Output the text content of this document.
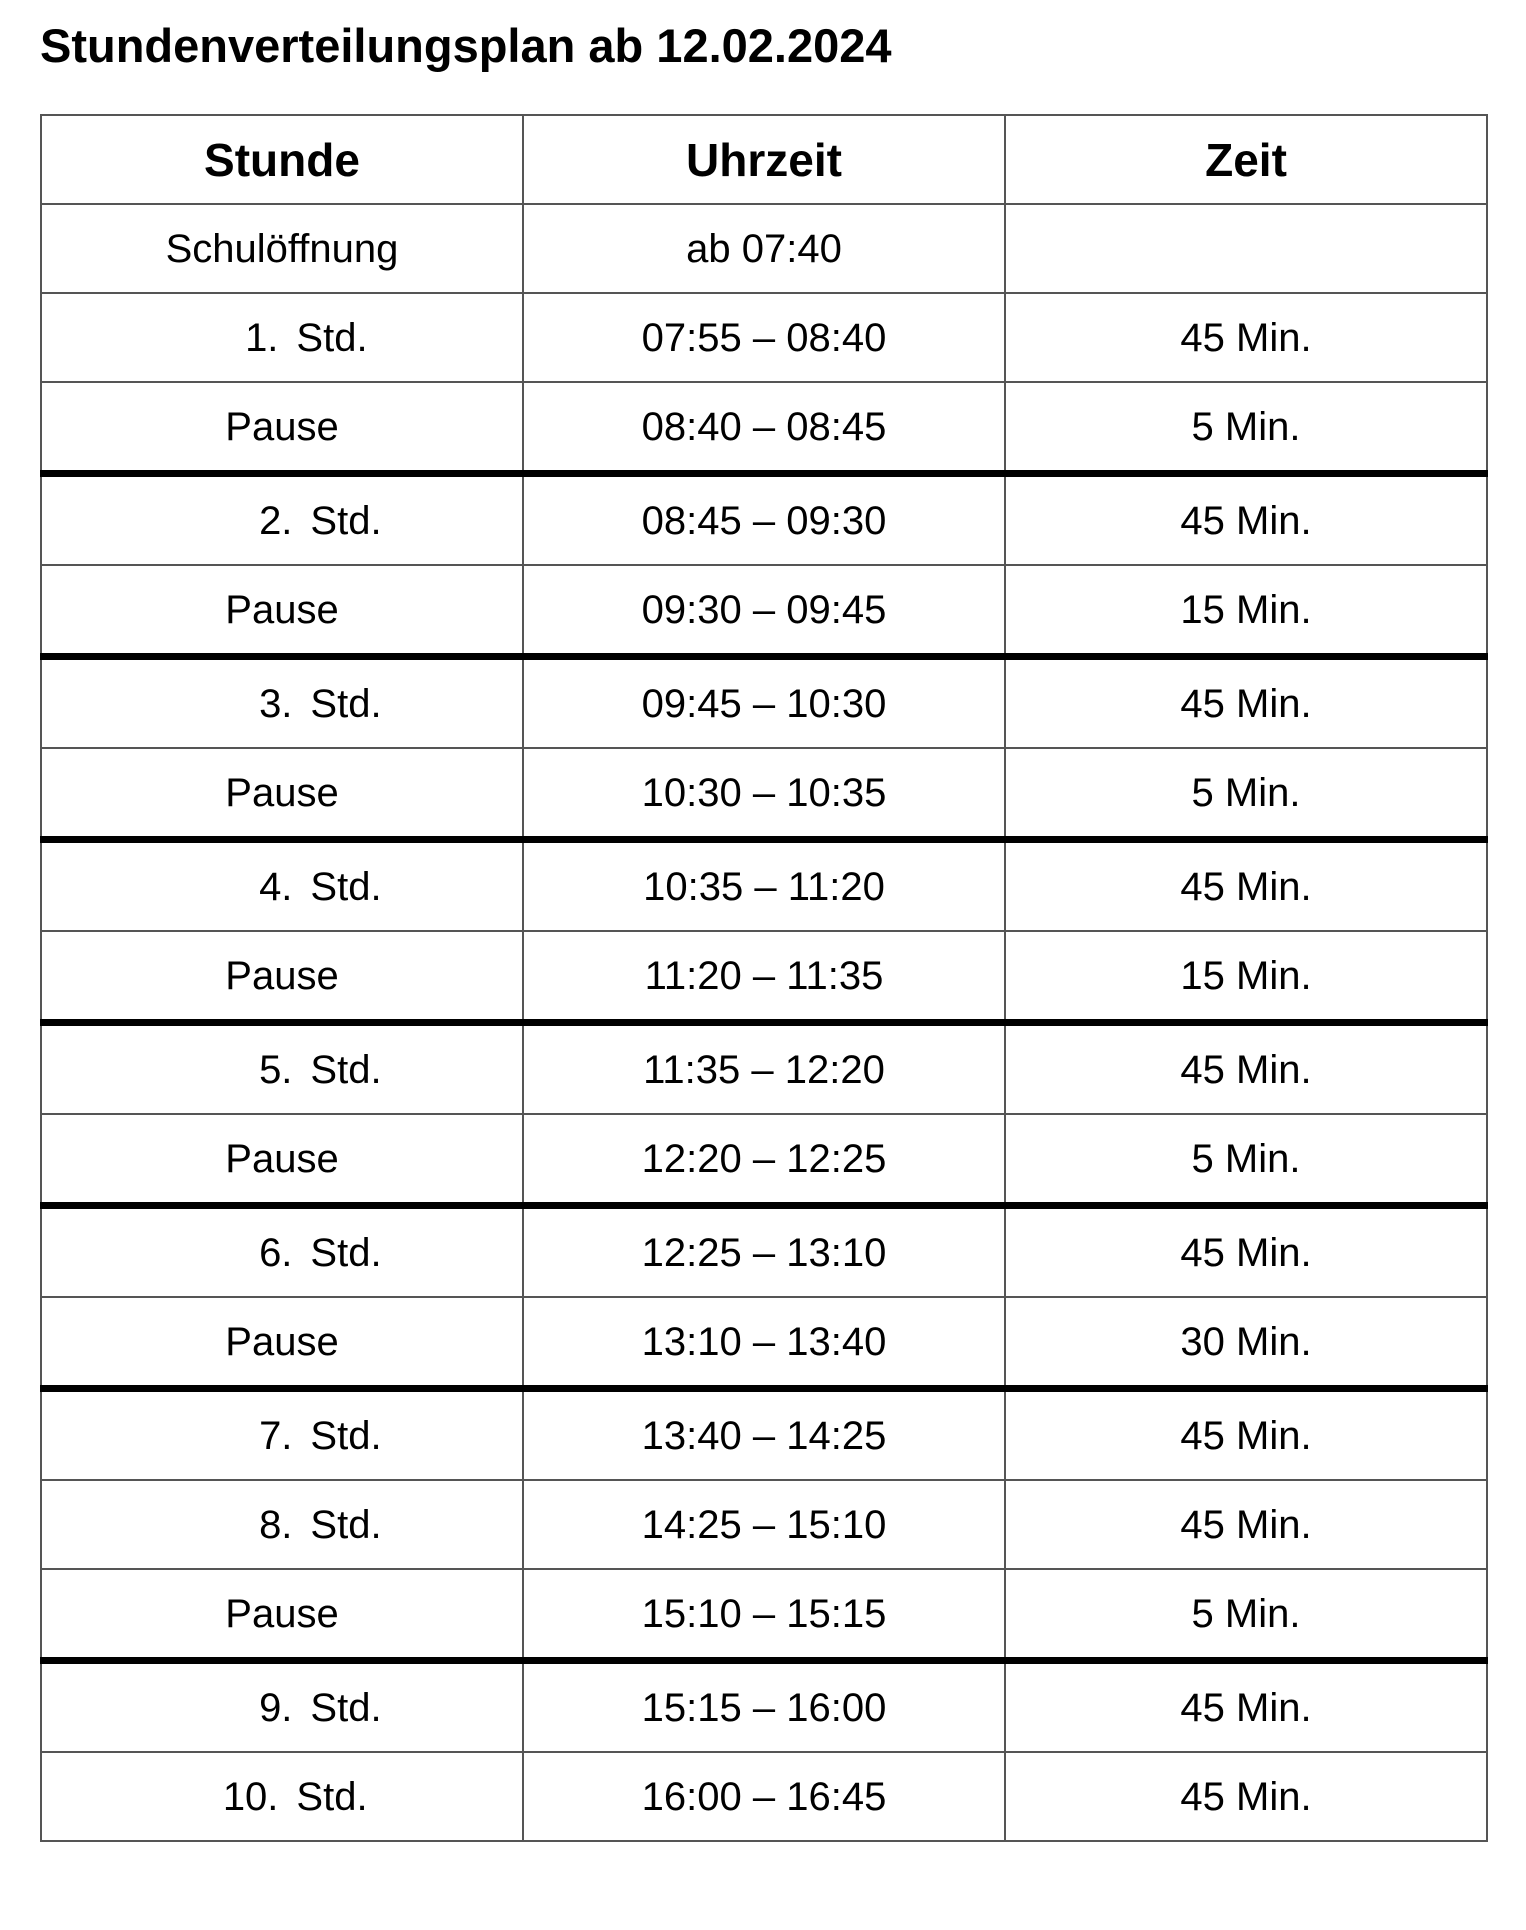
Stundenverteilungsplan ab 12.02.2024
Stunde	Uhrzeit	Zeit
Schulöffnung	ab 07:40	
1. Std.	07:55 – 08:40	45 Min.
Pause	08:40 – 08:45	5 Min.
2. Std.	08:45 – 09:30	45 Min.
Pause	09:30 – 09:45	15 Min.
3. Std.	09:45 – 10:30	45 Min.
Pause	10:30 – 10:35	5 Min.
4. Std.	10:35 – 11:20	45 Min.
Pause	11:20 – 11:35	15 Min.
5. Std.	11:35 – 12:20	45 Min.
Pause	12:20 – 12:25	5 Min.
6. Std.	12:25 – 13:10	45 Min.
Pause	13:10 – 13:40	30 Min.
7. Std.	13:40 – 14:25	45 Min.
8. Std.	14:25 – 15:10	45 Min.
Pause	15:10 – 15:15	5 Min.
9. Std.	15:15 – 16:00	45 Min.
10. Std.	16:00 – 16:45	45 Min.
